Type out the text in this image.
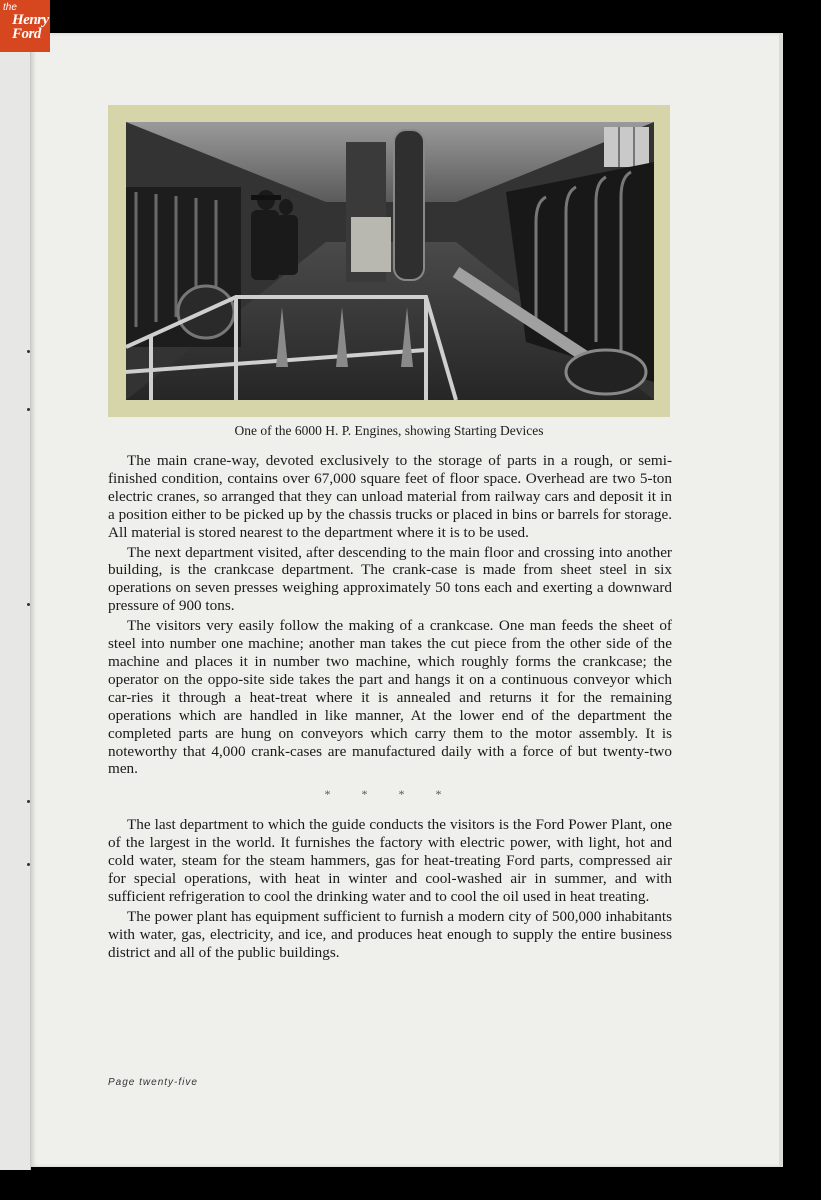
the
Henry
Ford
One of the 6000 H. P. Engines, showing Starting Devices

The main crane-way, devoted exclusively to the storage of parts in a rough, or semi-finished condition, contains over 67,000 square feet of floor space. Overhead are two 5-ton electric cranes, so arranged that they can unload material from railway cars and deposit it in a position either to be picked up by the chassis trucks or placed in bins or barrels for storage. All material is stored nearest to the department where it is to be used.

The next department visited, after descending to the main floor and crossing into another building, is the crankcase department. The crank-case is made from sheet steel in six operations on seven presses weighing approximately 50 tons each and exerting a downward pressure of 900 tons.

The visitors very easily follow the making of a crankcase. One man feeds the sheet of steel into number one machine; another man takes the cut piece from the other side of the machine and places it in number two machine, which roughly forms the crankcase; the operator on the oppo-site side takes the part and hangs it on a continuous conveyor which car-ries it through a heat-treat where it is annealed and returns it for the remaining operations which are handled in like manner, At the lower end of the department the completed parts are hung on conveyors which carry them to the motor assembly. It is noteworthy that 4,000 crank-cases are manufactured daily with a force of but twenty-two men.

* * * *

The last department to which the guide conducts the visitors is the Ford Power Plant, one of the largest in the world. It furnishes the factory with electric power, with light, hot and cold water, steam for the steam hammers, gas for heat-treating Ford parts, compressed air for special operations, with heat in winter and cool-washed air in summer, and with sufficient refrigeration to cool the drinking water and to cool the oil used in heat treating.

The power plant has equipment sufficient to furnish a modern city of 500,000 inhabitants with water, gas, electricity, and ice, and produces heat enough to supply the entire business district and all of the public buildings.

Page twenty-five
